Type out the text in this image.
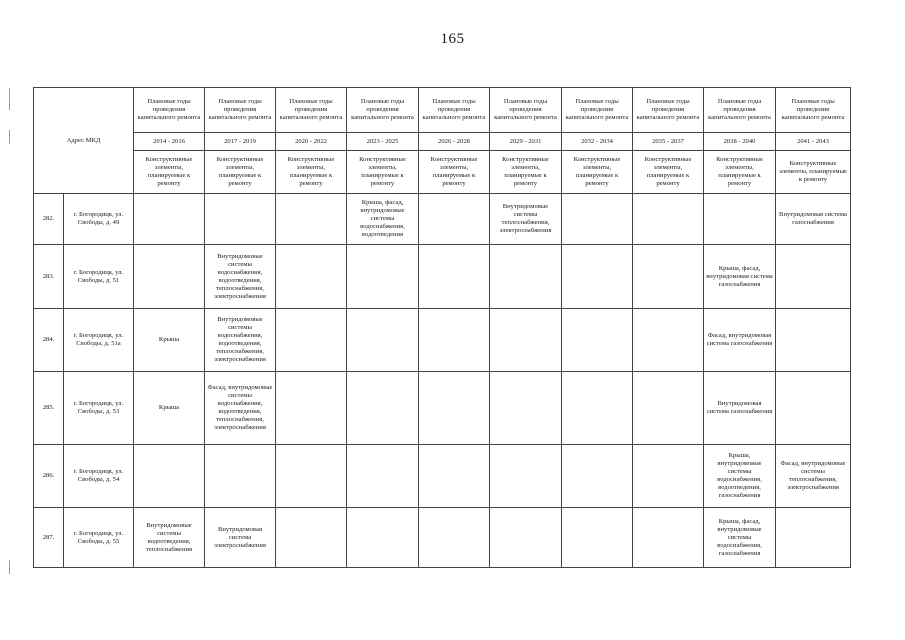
165
Адрес МКД		Плановые годы проведения капитального ремонта	Плановые годы проведения капитального ремонта	Плановые годы проведения капитального ремонта	Плановые годы проведения капитального ремонта	Плановые годы проведения капитального ремонта	Плановые годы проведения капитального ремонта	Плановые годы проведения капитального ремонта	Плановые годы проведения капитального ремонта	Плановые годы проведения капитального ремонта	Плановые годы проведения капитального ремонта
		2014 - 2016	2017 - 2019	2020 - 2022	2023 - 2025	2026 - 2028	2029 - 2031	2032 - 2034	2035 - 2037	2038 - 2040	2041 - 2043
		Конструктивные элементы, планируемые к ремонту	Конструктивные элементы, планируемые к ремонту	Конструктивные элементы, планируемые к ремонту	Конструктивные элементы, планируемые к ремонту	Конструктивные элементы, планируемые к ремонту	Конструктивные элементы, планируемые к ремонту	Конструктивные элементы, планируемые к ремонту	Конструктивные элементы, планируемые к ремонту	Конструктивные элементы, планируемые к ремонту	Конструктивные элементы, планируемые к ремонту
282.	г. Богородицк, ул. Свободы, д. 49				Крыша, фасад, внутридомовые системы водоснабжения, водоотведения		Внутридомовые системы теплоснабжения, электроснабжения				Внутридомовая система газоснабжения
283.	г. Богородицк, ул. Свободы, д. 51		Внутридомовые системы водоснабжения, водоотведения, теплоснабжения, электроснабжения							Крыша, фасад, внутридомовая система газоснабжения	
284.	г. Богородицк, ул. Свободы, д. 51а	Крыша	Внутридомовые системы водоснабжения, водоотведения, теплоснабжения, электроснабжения							Фасад, внутридомовая система газоснабжения	
285.	г. Богородицк, ул. Свободы, д. 53	Крыша	Фасад, внутридомовые системы водоснабжения, водоотведения, теплоснабжения, электроснабжения							Внутридомовая система газоснабжения	
286.	г. Богородицк, ул. Свободы, д. 54									Крыша, внутридомовые системы водоснабжения, водоотведения, газоснабжения	Фасад, внутридомовые системы теплоснабжения, электроснабжения
287.	г. Богородицк, ул. Свободы, д. 55	Внутридомовые системы водоотведения, теплоснабжения	Внутридомовая система электроснабжения							Крыша, фасад, внутридомовые системы водоснабжения, газоснабжения	
